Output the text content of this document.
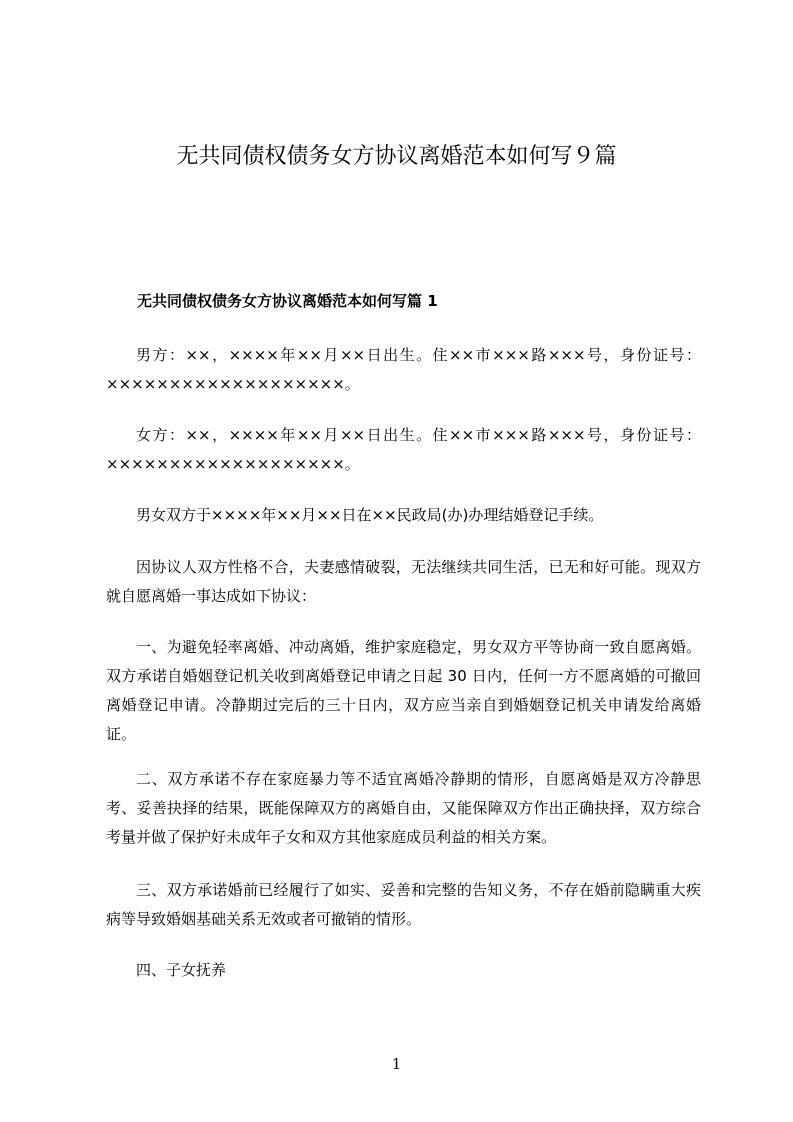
无共同债权债务女方协议离婚范本如何写９篇
无共同债权债务女方协议离婚范本如何写篇 1

男方：××，××××年××月××日出生。住××市×××路×××号，身份证号：×××××××××××××××××××。

女方：××，××××年××月××日出生。住××市×××路×××号，身份证号：×××××××××××××××××××。

男女双方于××××年××月××日在××民政局(办)办理结婚登记手续。

因协议人双方性格不合，夫妻感情破裂，无法继续共同生活，已无和好可能。现双方就自愿离婚一事达成如下协议：

一、为避免轻率离婚、冲动离婚，维护家庭稳定，男女双方平等协商一致自愿离婚。双方承诺自婚姻登记机关收到离婚登记申请之日起 30 日内，任何一方不愿离婚的可撤回离婚登记申请。冷静期过完后的三十日内，双方应当亲自到婚姻登记机关申请发给离婚证。

二、双方承诺不存在家庭暴力等不适宜离婚冷静期的情形，自愿离婚是双方冷静思考、妥善抉择的结果，既能保障双方的离婚自由，又能保障双方作出正确抉择，双方综合考量并做了保护好未成年子女和双方其他家庭成员利益的相关方案。

三、双方承诺婚前已经履行了如实、妥善和完整的告知义务，不存在婚前隐瞒重大疾病等导致婚姻基础关系无效或者可撤销的情形。

四、子女抚养

1
